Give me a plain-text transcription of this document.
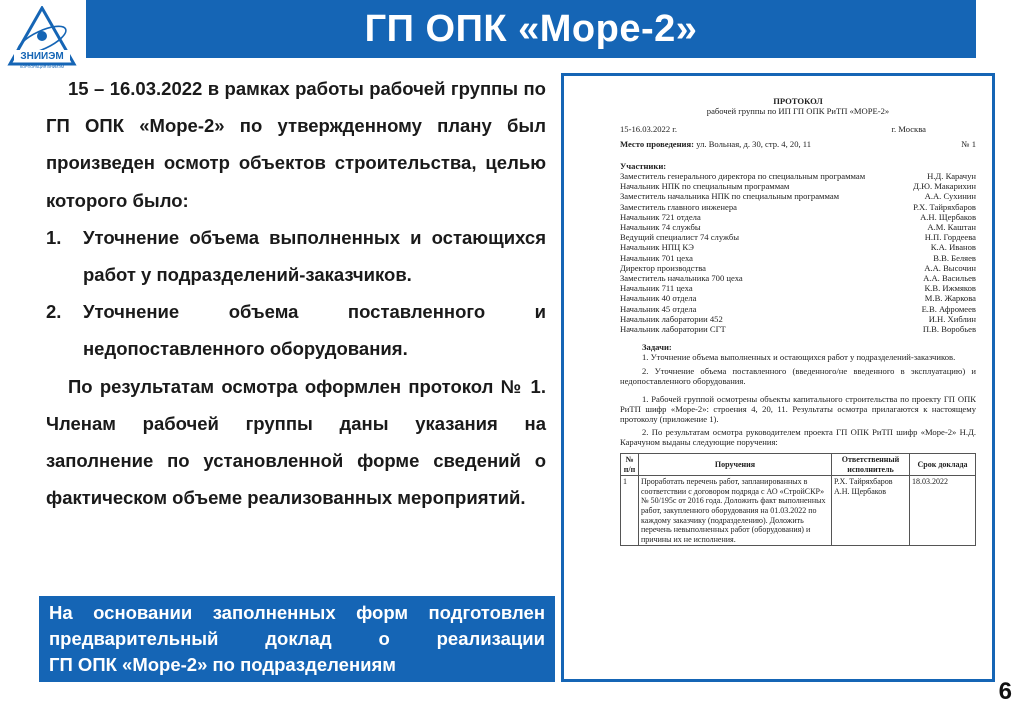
ЗНИИЭМ
КОРПОРАЦИЯ ВНИИЭМ
ГП ОПК «Море-2»
15 – 16.03.2022 в рамках работы рабочей группы по ГП ОПК «Море-2» по утвержденному плану был произведен осмотр объектов строительства, целью которого было:
1. Уточнение объема выполненных и остающихся работ у подразделений-заказчиков.
2. Уточнение объема поставленного и недопоставленного оборудования.
По результатам осмотра оформлен протокол № 1. Членам рабочей группы даны указания на заполнение по установленной форме сведений о фактическом объеме реализованных мероприятий.
На основании заполненных форм подготовлен
предварительный доклад о реализации
ГП ОПК «Море-2» по подразделениям
ПРОТОКОЛ
рабочей группы по ИП ГП ОПК РиТП «МОРЕ-2»
15-16.03.2022 г.	г. Москва
Место проведения: ул. Вольная, д. 30, стр. 4, 20, 11	№ 1
Участники:
Заместитель генерального директора по специальным программам	Н.Д. Карачун
Начальник НПК по специальным программам	Д.Ю. Макарихин
Заместитель начальника НПК по специальным программам	А.А. Сухинин
Заместитель главного инженера	Р.Х. Тайряхбаров
Начальник 721 отдела	А.Н. Щербаков
Начальник 74 службы	А.М. Каштан
Ведущий специалист 74 службы	Н.П. Гордеева
Начальник НПЦ КЭ	К.А. Иванов
Начальник 701 цеха	В.В. Беляев
Директор производства	А.А. Высочин
Заместитель начальника 700 цеха	А.А. Васильев
Начальник 711 цеха	К.В. Ижмяков
Начальник 40 отдела	М.В. Жаркова
Начальник 45 отдела	Е.В. Афромеев
Начальник лаборатории 452	И.Н. Хиблин
Начальник лаборатории СГТ	П.В. Воробьев
Задачи:
1. Уточнение объема выполненных и остающихся работ у подразделений-заказчиков.
2. Уточнение объема поставленного (введенного/не введенного в эксплуатацию) и недопоставленного оборудования.
1. Рабочей группой осмотрены объекты капитального строительства по проекту ГП ОПК РиТП шифр «Море-2»: строения 4, 20, 11. Результаты осмотра прилагаются к настоящему протоколу (приложение 1).
2. По результатам осмотра руководителем проекта ГП ОПК РиТП шифр «Море-2» Н.Д. Карачуном выданы следующие поручения:
№ п/п	Поручения	Ответственный исполнитель	Срок доклада
1	Проработать перечень работ, запланированных в соответствии с договором подряда с АО «СтройСКР» № 50/195с от 2016 года. Доложить факт выполненных работ, закупленного оборудования на 01.03.2022 по каждому заказчику (подразделению). Доложить перечень невыполненных работ (оборудования) и причины их не исполнения.	Р.Х. Тайряхбаров А.Н. Щербаков	18.03.2022
6
